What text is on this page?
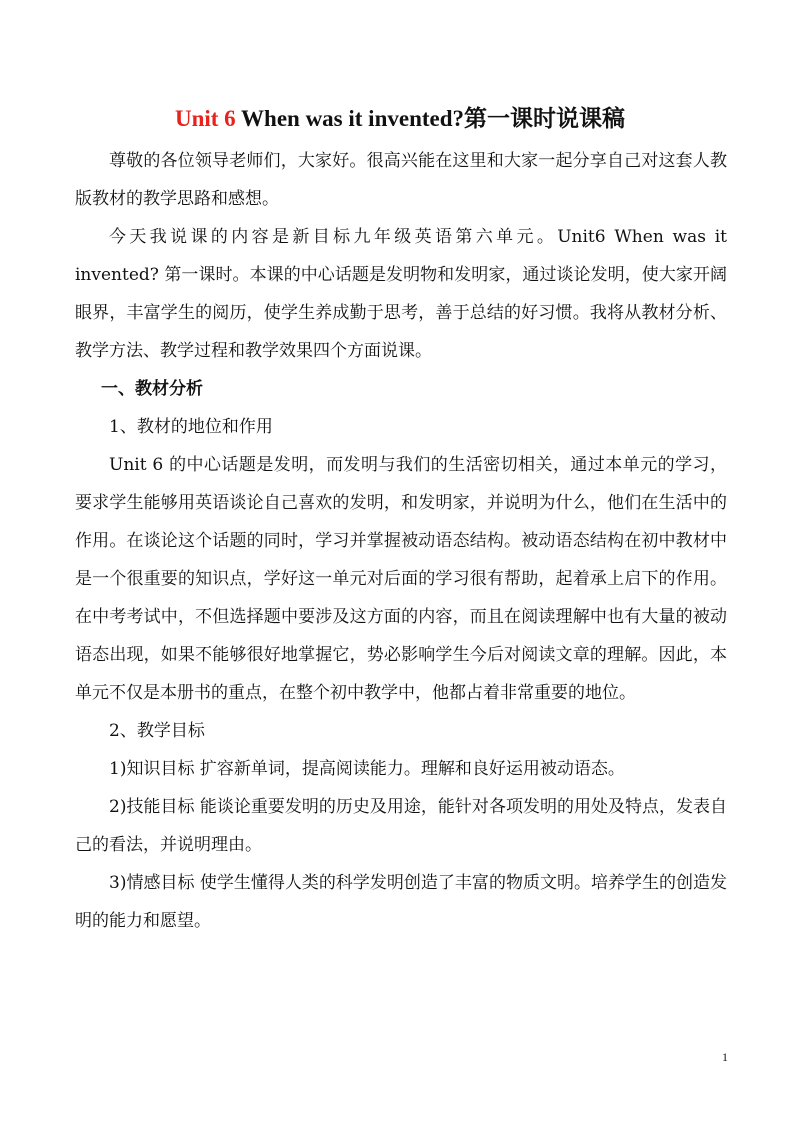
Unit 6 When was it invented?第一课时说课稿

尊敬的各位领导老师们，大家好。很高兴能在这里和大家一起分享自己对这套人教版教材的教学思路和感想。

今天我说课的内容是新目标九年级英语第六单元。Unit6 When was it invented? 第一课时。本课的中心话题是发明物和发明家，通过谈论发明，使大家开阔眼界，丰富学生的阅历，使学生养成勤于思考，善于总结的好习惯。我将从教材分析、教学方法、教学过程和教学效果四个方面说课。

一、教材分析

1、教材的地位和作用

Unit 6 的中心话题是发明，而发明与我们的生活密切相关，通过本单元的学习，要求学生能够用英语谈论自己喜欢的发明，和发明家，并说明为什么，他们在生活中的作用。在谈论这个话题的同时，学习并掌握被动语态结构。被动语态结构在初中教材中是一个很重要的知识点，学好这一单元对后面的学习很有帮助，起着承上启下的作用。在中考考试中，不但选择题中要涉及这方面的内容，而且在阅读理解中也有大量的被动语态出现，如果不能够很好地掌握它，势必影响学生今后对阅读文章的理解。因此，本单元不仅是本册书的重点，在整个初中教学中，他都占着非常重要的地位。

2、教学目标

1)知识目标 扩容新单词，提高阅读能力。理解和良好运用被动语态。

2)技能目标 能谈论重要发明的历史及用途，能针对各项发明的用处及特点，发表自己的看法，并说明理由。

3)情感目标 使学生懂得人类的科学发明创造了丰富的物质文明。培养学生的创造发明的能力和愿望。

1
